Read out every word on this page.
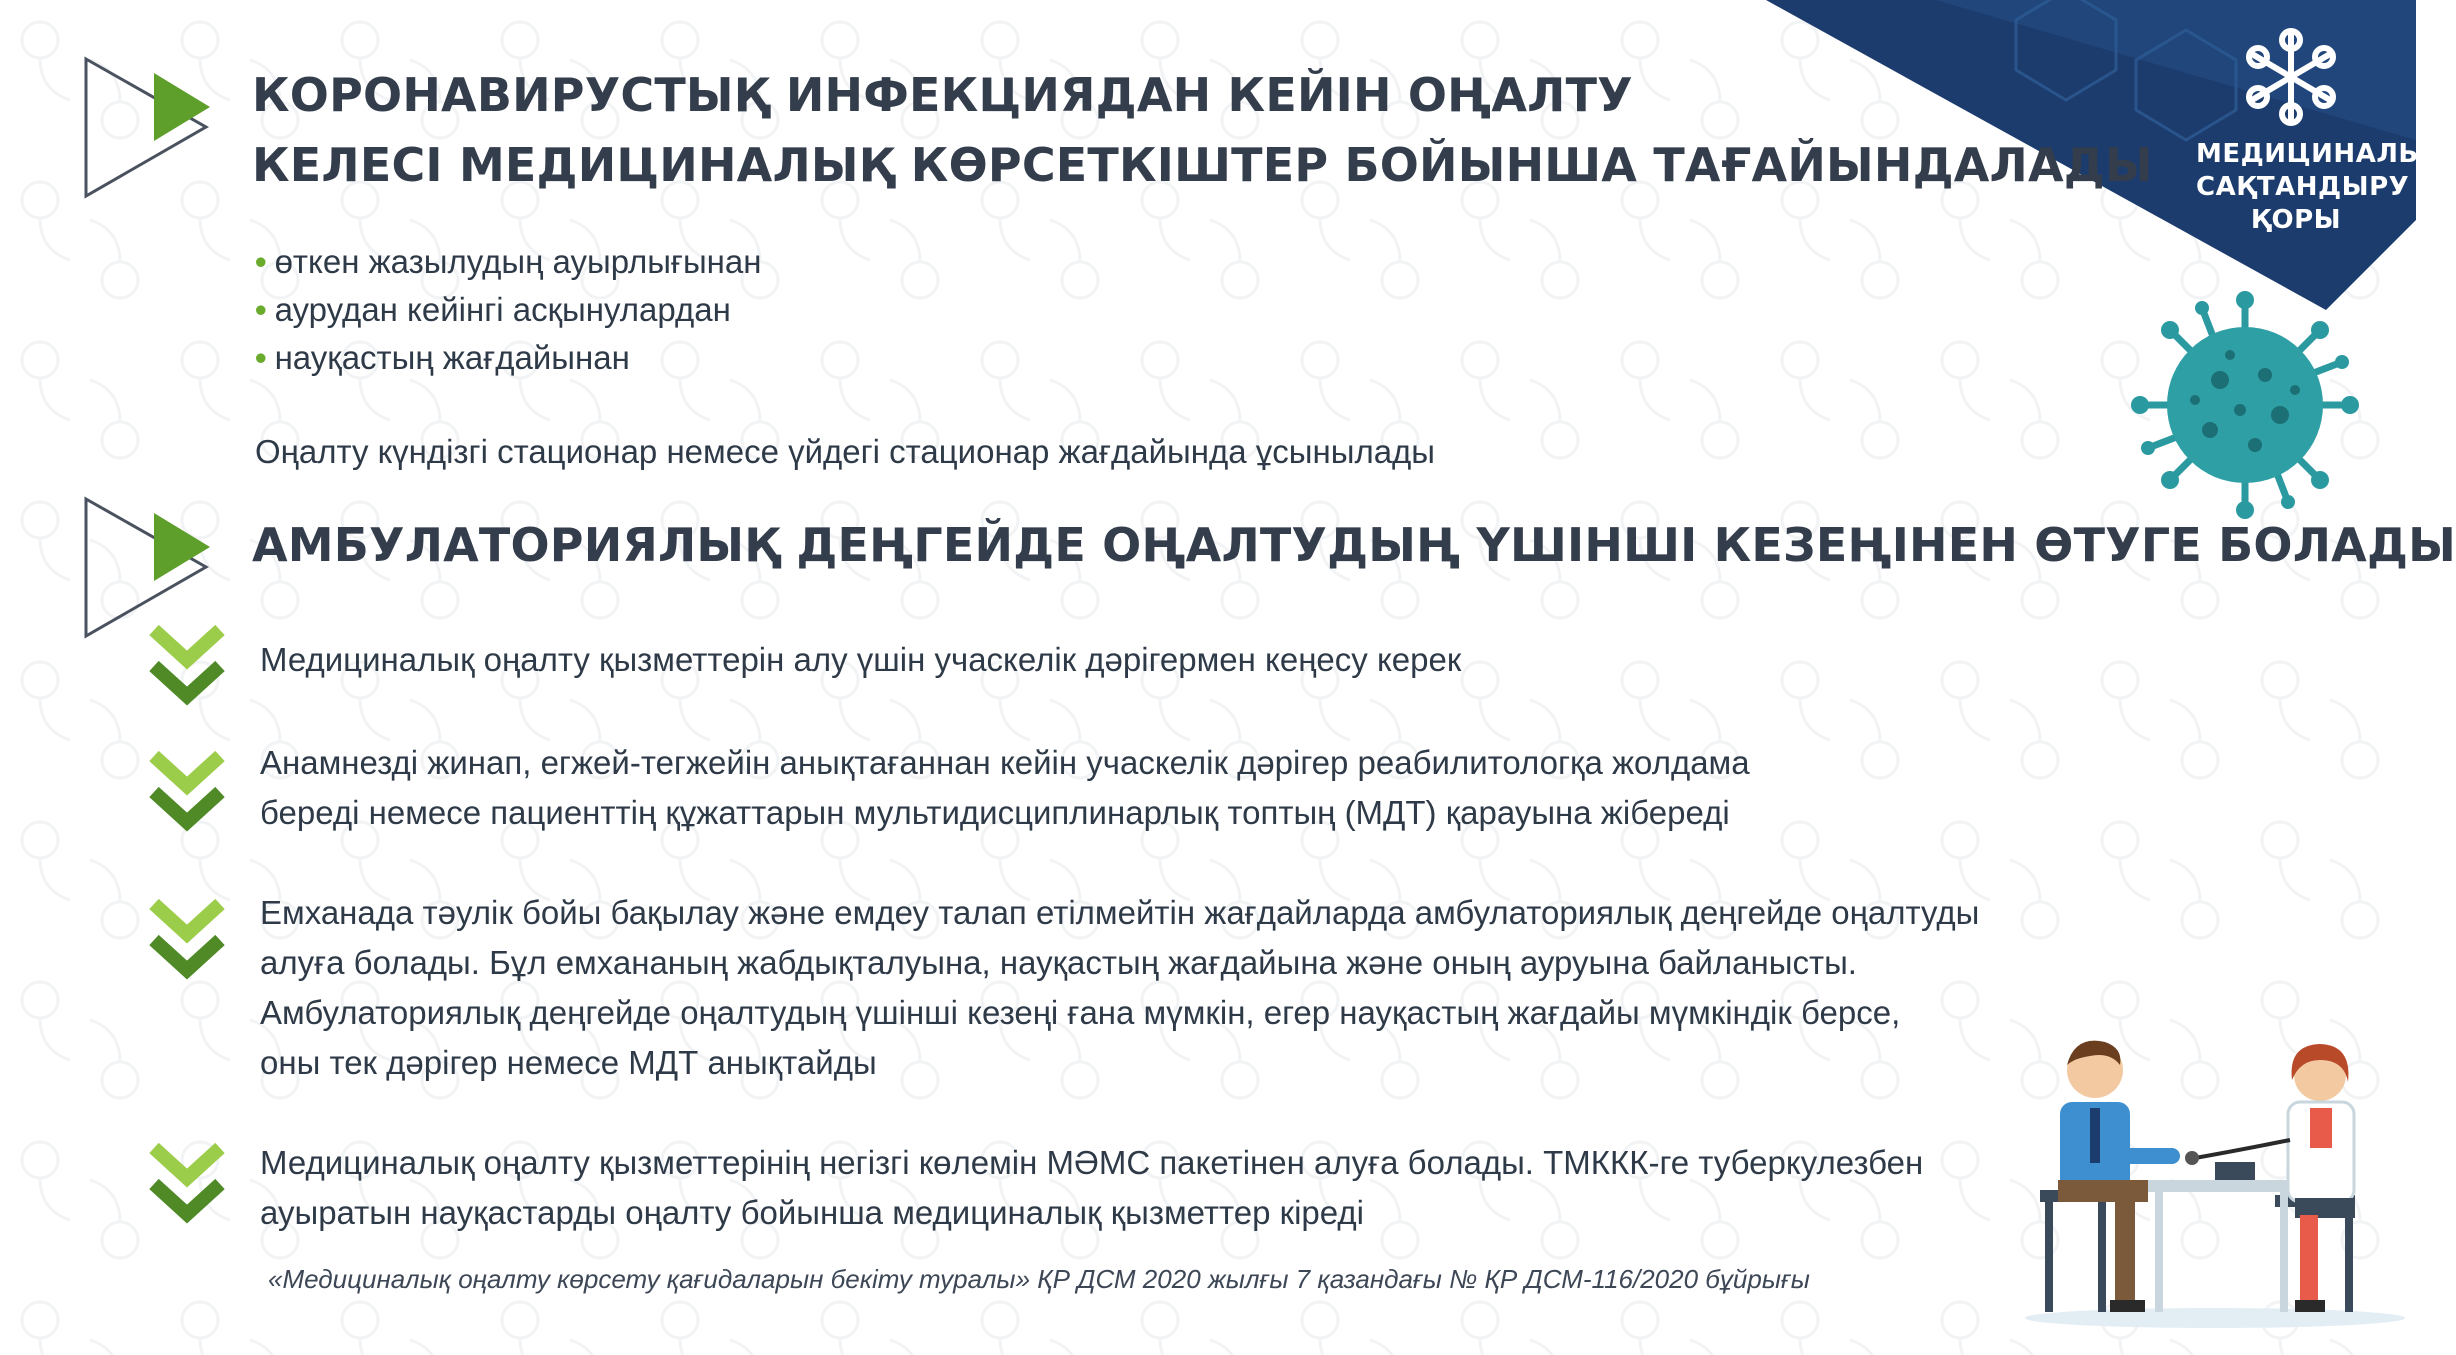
МЕДИЦИНАЛЫҚ
САҚТАНДЫРУ
ҚОРЫ
КОРОНАВИРУСТЫҚ ИНФЕКЦИЯДАН КЕЙІН ОҢАЛТУ
КЕЛЕСІ МЕДИЦИНАЛЫҚ КӨРСЕТКІШТЕР БОЙЫНША ТАҒАЙЫНДАЛАДЫ
• өткен жазылудың ауырлығынан
• аурудан кейінгі асқынулардан
• науқастың жағдайынан
Оңалту күндізгі стационар немесе үйдегі стационар жағдайында ұсынылады
АМБУЛАТОРИЯЛЫҚ ДЕҢГЕЙДЕ ОҢАЛТУДЫҢ ҮШІНШІ КЕЗЕҢІНЕН ӨТУГЕ БОЛАДЫ
Медициналық оңалту қызметтерін алу үшін учаскелік дәрігермен кеңесу керек
Анамнезді жинап, егжей-тегжейін анықтағаннан кейін учаскелік дәрігер реабилитологқа жолдама
береді немесе пациенттің құжаттарын мультидисциплинарлық топтың (МДТ) қарауына жібереді
Емханада тәулік бойы бақылау және емдеу талап етілмейтін жағдайларда амбулаториялық деңгейде оңалтуды
алуға болады. Бұл емхананың жабдықталуына, науқастың жағдайына және оның ауруына байланысты.
Амбулаториялық деңгейде оңалтудың үшінші кезеңі ғана мүмкін, егер науқастың жағдайы мүмкіндік берсе,
оны тек дәрігер немесе МДТ анықтайды
Медициналық оңалту қызметтерінің негізгі көлемін МӘМС пакетінен алуға болады. ТМККК-ге туберкулезбен
ауыратын науқастарды оңалту бойынша медициналық қызметтер кіреді
«Медициналық оңалту көрсету қағидаларын бекіту туралы» ҚР ДСМ 2020 жылғы 7 қазандағы № ҚР ДСМ-116/2020 бұйрығы
